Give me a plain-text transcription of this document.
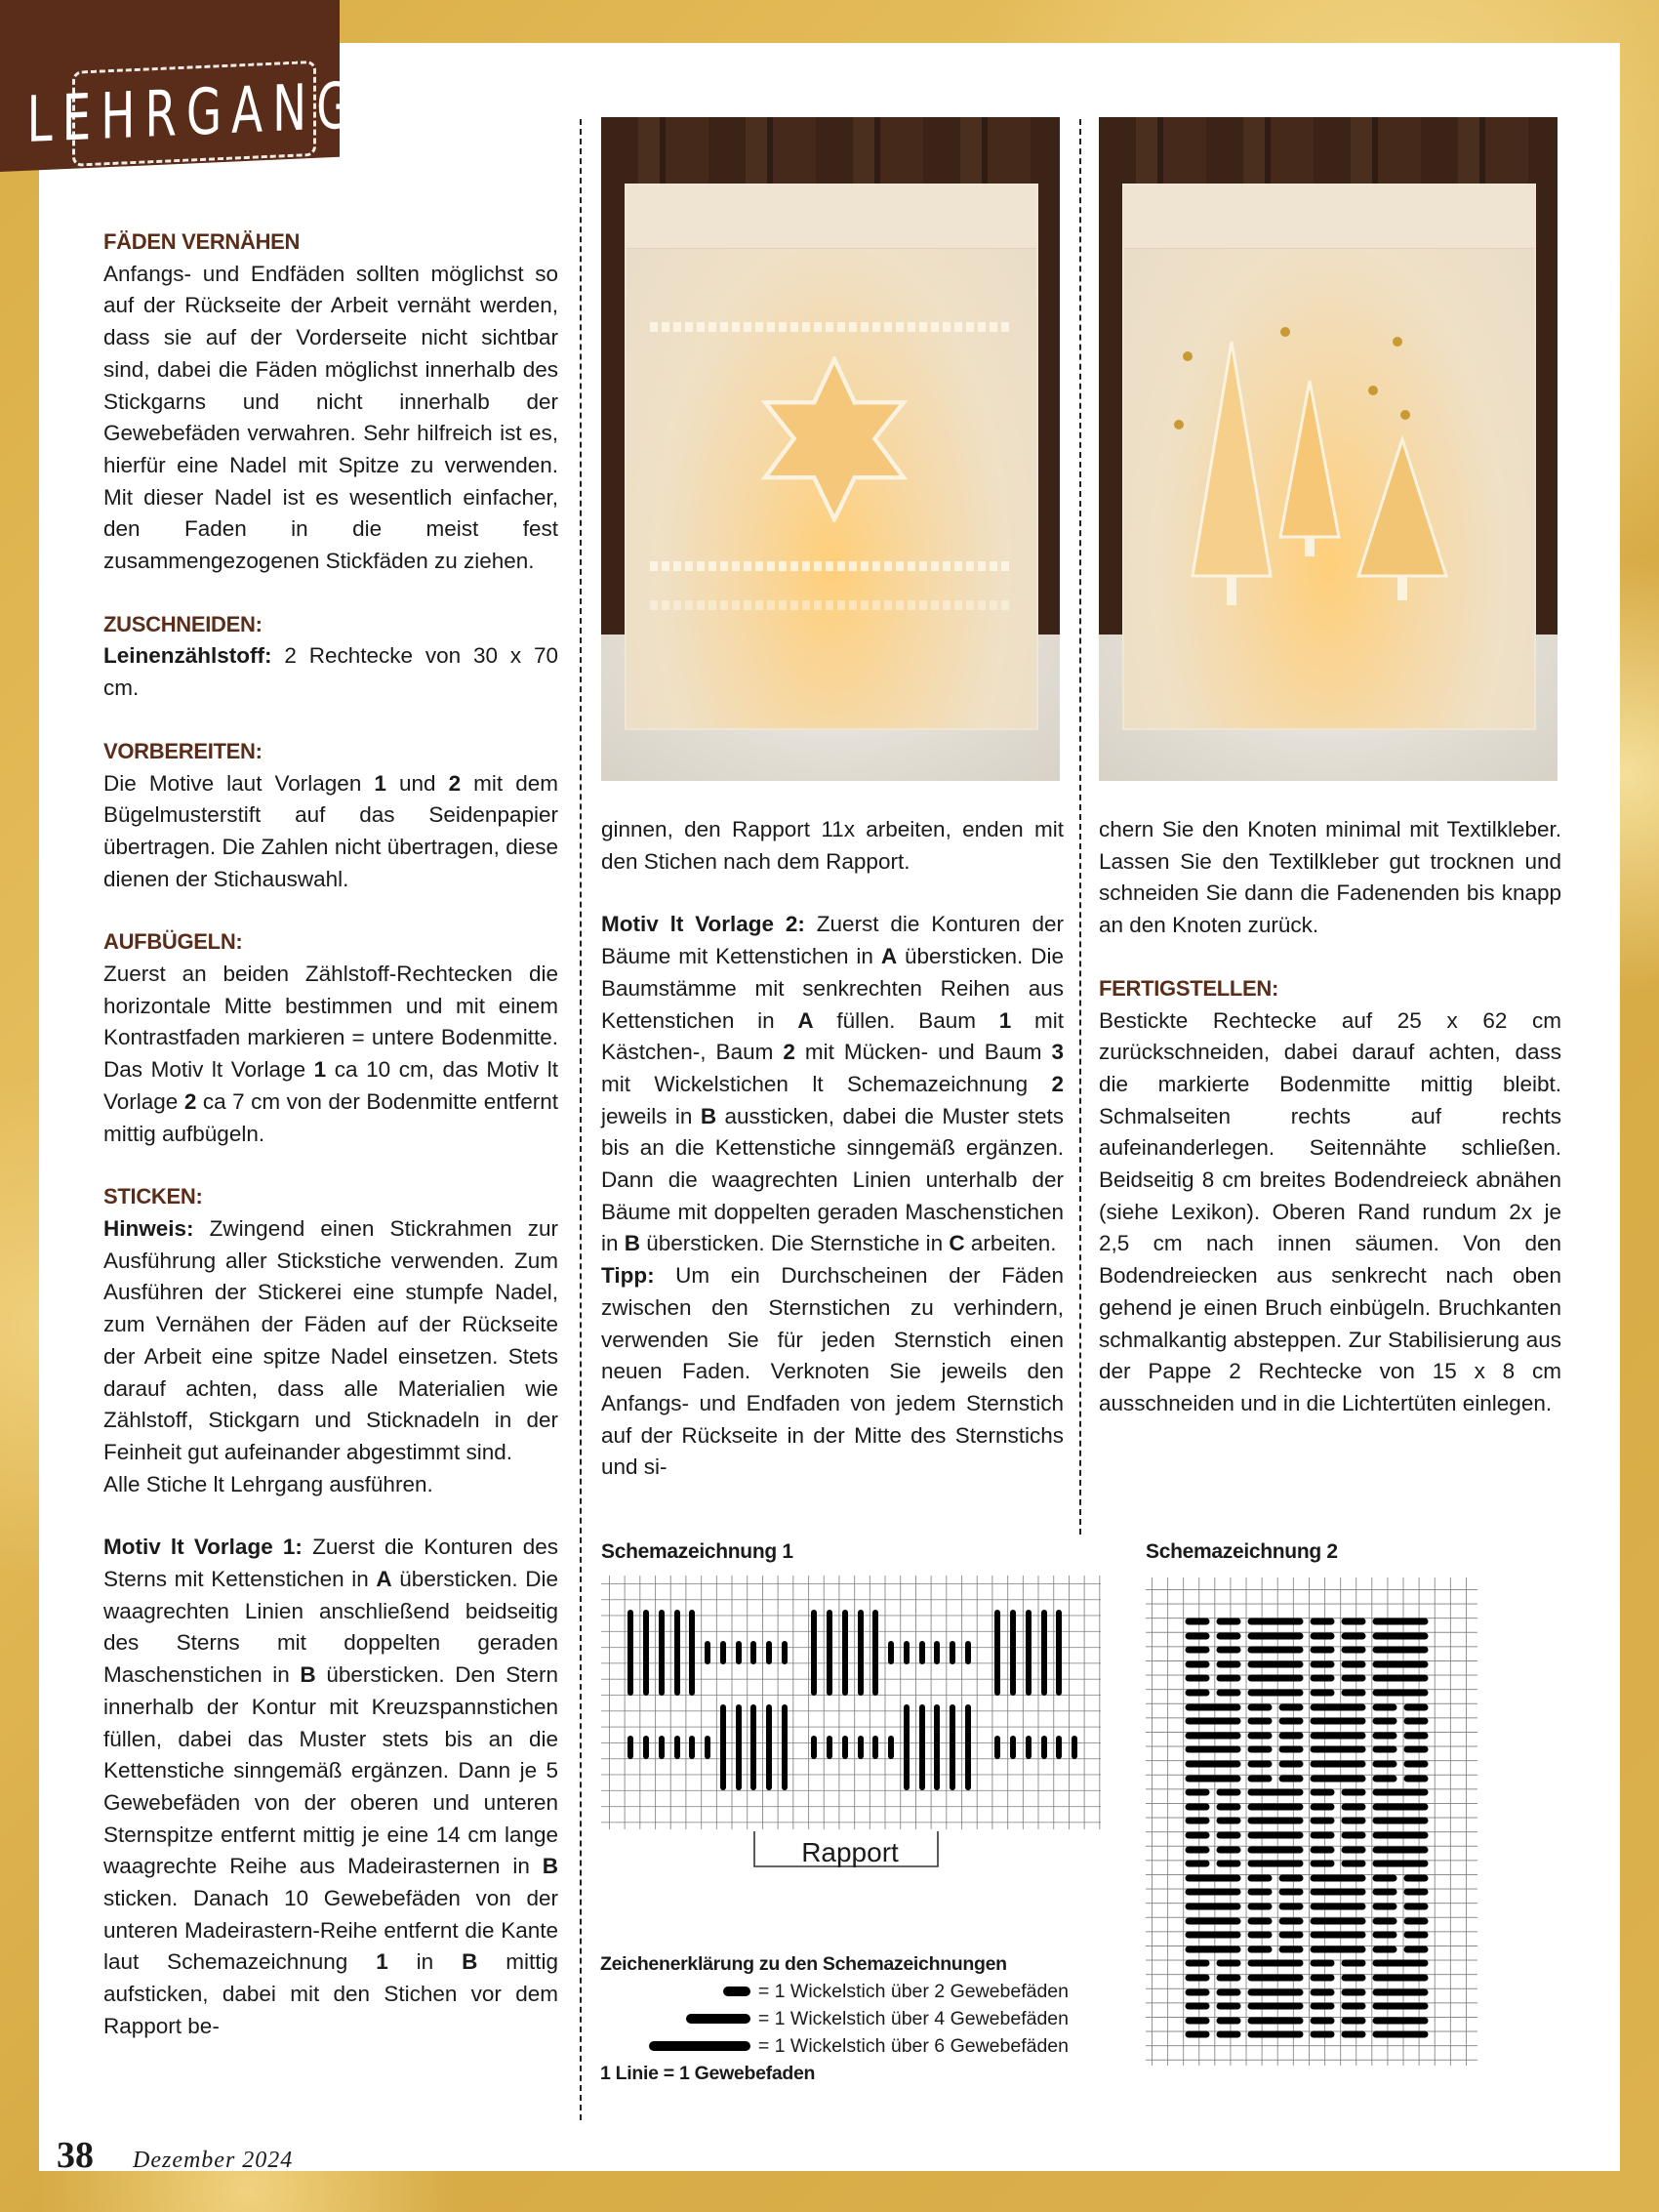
LEHRGANG
FÄDEN VERNÄHEN

Anfangs- und Endfäden sollten möglichst so auf der Rückseite der Arbeit vernäht werden, dass sie auf der Vorderseite nicht sichtbar sind, dabei die Fäden möglichst innerhalb des Stickgarns und nicht innerhalb der Gewebefäden verwahren. Sehr hilfreich ist es, hierfür eine Nadel mit Spitze zu verwenden. Mit dieser Nadel ist es wesentlich einfacher, den Faden in die meist fest zusammengezogenen Stickfäden zu ziehen.

ZUSCHNEIDEN:

Leinenzählstoff: 2 Rechtecke von 30 x 70 cm.

VORBEREITEN:

Die Motive laut Vorlagen 1 und 2 mit dem Bügelmusterstift auf das Seidenpapier übertragen. Die Zahlen nicht übertragen, diese dienen der Stichauswahl.

AUFBÜGELN:

Zuerst an beiden Zählstoff-Rechtecken die horizontale Mitte bestimmen und mit einem Kontrastfaden markieren = untere Bodenmitte. Das Motiv lt Vorlage 1 ca 10 cm, das Motiv lt Vorlage 2 ca 7 cm von der Bodenmitte entfernt mittig aufbügeln.

STICKEN:

Hinweis: Zwingend einen Stickrahmen zur Ausführung aller Stickstiche verwenden. Zum Ausführen der Stickerei eine stumpfe Nadel, zum Vernähen der Fäden auf der Rückseite der Arbeit eine spitze Nadel einsetzen. Stets darauf achten, dass alle Materialien wie Zählstoff, Stickgarn und Sticknadeln in der Feinheit gut aufeinander abgestimmt sind.

Alle Stiche lt Lehrgang ausführen.

Motiv lt Vorlage 1: Zuerst die Konturen des Sterns mit Kettenstichen in A übersticken. Die waagrechten Linien anschließend beidseitig des Sterns mit doppelten geraden Maschenstichen in B übersticken. Den Stern innerhalb der Kontur mit Kreuzspannstichen füllen, dabei das Muster stets bis an die Kettenstiche sinngemäß ergänzen. Dann je 5 Gewebefäden von der oberen und unteren Sternspitze entfernt mittig je eine 14 cm lange waagrechte Reihe aus Madeirasternen in B sticken. Danach 10 Gewebefäden von der unteren Madeirastern-Reihe entfernt die Kante laut Schemazeichnung 1 in B mittig aufsticken, dabei mit den Stichen vor dem Rapport be-

ginnen, den Rapport 11x arbeiten, enden mit den Stichen nach dem Rapport.

Motiv lt Vorlage 2: Zuerst die Konturen der Bäume mit Kettenstichen in A übersticken. Die Baumstämme mit senkrechten Reihen aus Kettenstichen in A füllen. Baum 1 mit Kästchen-, Baum 2 mit Mücken- und Baum 3 mit Wickelstichen lt Schemazeichnung 2 jeweils in B aussticken, dabei die Muster stets bis an die Kettenstiche sinngemäß ergänzen. Dann die waagrechten Linien unterhalb der Bäume mit doppelten geraden Maschenstichen in B übersticken. Die Sternstiche in C arbeiten.

Tipp: Um ein Durchscheinen der Fäden zwischen den Sternstichen zu verhindern, verwenden Sie für jeden Sternstich einen neuen Faden. Verknoten Sie jeweils den Anfangs- und Endfaden von jedem Sternstich auf der Rückseite in der Mitte des Sternstichs und si-

chern Sie den Knoten minimal mit Textilkleber. Lassen Sie den Textilkleber gut trocknen und schneiden Sie dann die Fadenenden bis knapp an den Knoten zurück.

FERTIGSTELLEN:

Bestickte Rechtecke auf 25 x 62 cm zurückschneiden, dabei darauf achten, dass die markierte Bodenmitte mittig bleibt. Schmalseiten rechts auf rechts aufeinanderlegen. Seitennähte schließen. Beidseitig 8 cm breites Bodendreieck abnähen (siehe Lexikon). Oberen Rand rundum 2x je 2,5 cm nach innen säumen. Von den Bodendreiecken aus senkrecht nach oben gehend je einen Bruch einbügeln. Bruchkanten schmalkantig absteppen. Zur Stabilisierung aus der Pappe 2 Rechtecke von 15 x 8 cm ausschneiden und in die Lichtertüten einlegen.

Schemazeichnung 1
Rapport
Schemazeichnung 2
Zeichenerklärung zu den Schemazeichnungen
= 1 Wickelstich über 2 Gewebefäden
= 1 Wickelstich über 4 Gewebefäden
= 1 Wickelstich über 6 Gewebefäden
1 Linie = 1 Gewebefaden
38 Dezember 2024
